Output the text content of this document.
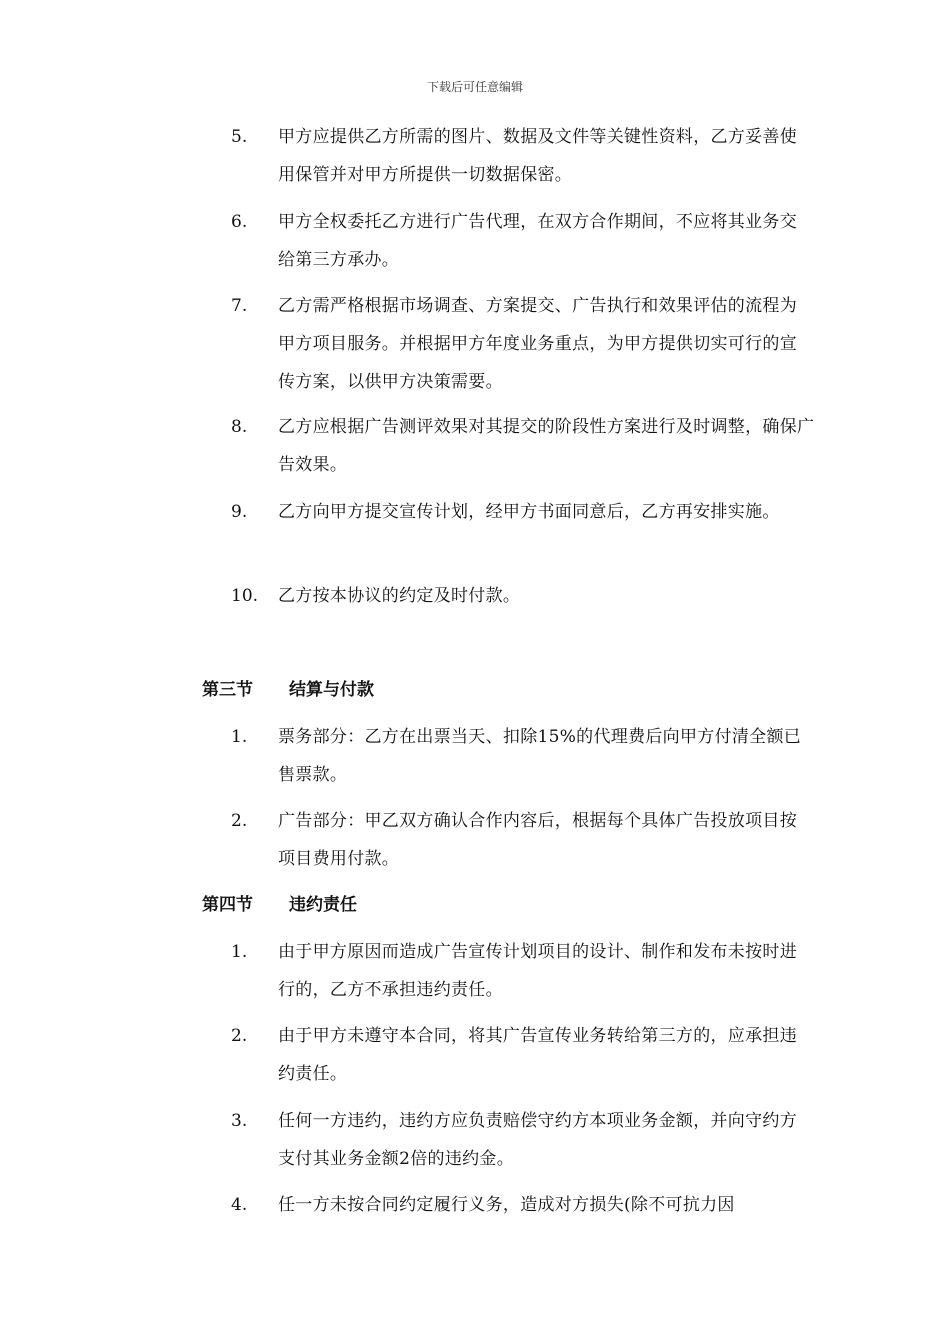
下载后可任意编辑
5. 甲方应提供乙方所需的图片、数据及文件等关键性资料，乙方妥善使用保管并对甲方所提供一切数据保密。
6. 甲方全权委托乙方进行广告代理，在双方合作期间，不应将其业务交给第三方承办。
7. 乙方需严格根据市场调查、方案提交、广告执行和效果评估的流程为甲方项目服务。并根据甲方年度业务重点，为甲方提供切实可行的宣传方案，以供甲方决策需要。
8. 乙方应根据广告测评效果对其提交的阶段性方案进行及时调整，确保广告效果。
9. 乙方向甲方提交宣传计划，经甲方书面同意后，乙方再安排实施。
10. 乙方按本协议的约定及时付款。
第三节 结算与付款
1. 票务部分：乙方在出票当天、扣除15%的代理费后向甲方付清全额已售票款。
2. 广告部分：甲乙双方确认合作内容后，根据每个具体广告投放项目按项目费用付款。
第四节 违约责任
1. 由于甲方原因而造成广告宣传计划项目的设计、制作和发布未按时进行的，乙方不承担违约责任。
2. 由于甲方未遵守本合同，将其广告宣传业务转给第三方的，应承担违约责任。
3. 任何一方违约，违约方应负责赔偿守约方本项业务金额，并向守约方支付其业务金额2倍的违约金。
4. 任一方未按合同约定履行义务，造成对方损失(除不可抗力因
